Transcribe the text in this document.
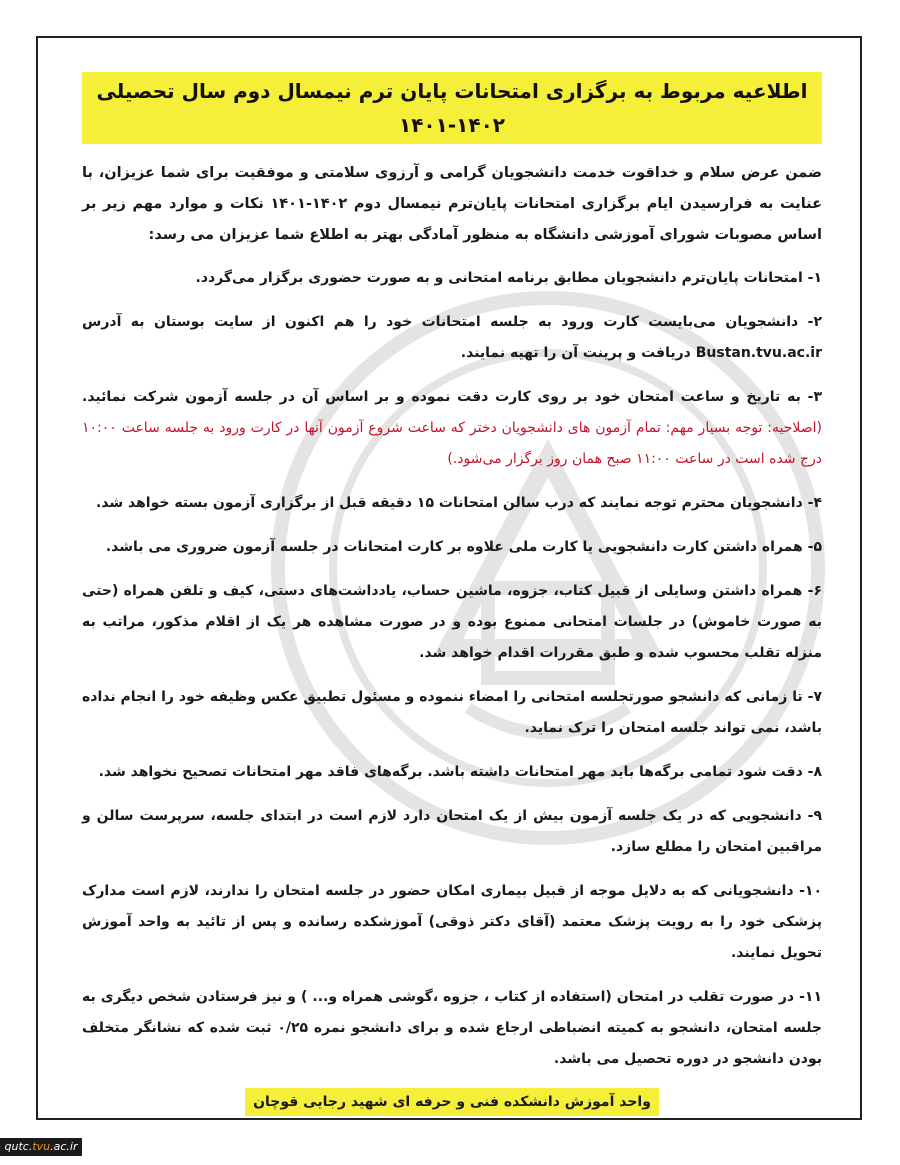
اطلاعیه مربوط به برگزاری امتحانات پایان ترم نیمسال دوم سال تحصیلی ۱۴۰۲-۱۴۰۱

ضمن عرض سلام و خداقوت خدمت دانشجویان گرامی و آرزوی سلامتی و موفقیت برای شما عزیزان، با عنایت به فرارسیدن ایام برگزاری امتحانات پایان‌ترم نیمسال دوم ۱۴۰۲-۱۴۰۱ نکات و موارد مهم زیر بر اساس مصوبات شورای آموزشی دانشگاه به منظور آمادگی بهتر به اطلاع شما عزیزان می رسد:

۱- امتحانات پایان‌ترم دانشجویان مطابق برنامه امتحانی و به صورت حضوری برگزار می‌گردد.

۲- دانشجویان می‌بایست کارت ورود به جلسه امتحانات خود را هم اکنون از سایت بوستان به آدرس Bustan.tvu.ac.ir دریافت و پرینت آن را تهیه نمایند.

۳- به تاریخ و ساعت امتحان خود بر روی کارت دقت نموده و بر اساس آن در جلسه آزمون شرکت نمائید. (اصلاحیه: توجه بسیار مهم: تمام آزمون های دانشجویان دختر که ساعت شروع آزمون آنها در کارت ورود به جلسه ساعت ۱۰:۰۰ درج شده است در ساعت ۱۱:۰۰ صبح همان روز برگزار می‌شود.)

۴- دانشجویان محترم توجه نمایند که درب سالن امتحانات ۱۵ دقیقه قبل از برگزاری آزمون بسته خواهد شد.

۵- همراه داشتن کارت دانشجویی یا کارت ملی علاوه بر کارت امتحانات در جلسه آزمون ضروری می باشد.

۶- همراه داشتن وسایلی از قبیل کتاب، جزوه، ماشین حساب، یادداشت‌های دستی، کیف و تلفن همراه (حتی به صورت خاموش) در جلسات امتحانی ممنوع بوده و در صورت مشاهده هر یک از اقلام مذکور، مراتب به منزله تقلب محسوب شده و طبق مقررات اقدام خواهد شد.

۷- تا زمانی که دانشجو صورتجلسه امتحانی را امضاء ننموده و مسئول تطبیق عکس وظیفه خود را انجام نداده باشد، نمی تواند جلسه امتحان را ترک نماید.

۸- دقت شود تمامی برگه‌ها باید مهر امتحانات داشته باشد. برگه‌های فاقد مهر امتحانات تصحیح نخواهد شد.

۹- دانشجویی که در یک جلسه آزمون بیش از یک امتحان دارد لازم است در ابتدای جلسه، سرپرست سالن و مراقبین امتحان را مطلع سازد.

۱۰- دانشجویانی که به دلایل موجه از قبیل بیماری امکان حضور در جلسه امتحان را ندارند، لازم است مدارک پزشکی خود را به رویت پزشک معتمد (آقای دکتر ذوقی) آموزشکده رسانده و پس از تائید به واحد آموزش تحویل نمایند.

۱۱- در صورت تقلب در امتحان (استفاده از کتاب ، جزوه ،گوشی همراه و... ) و نیز فرستادن شخص دیگری به جلسه امتحان، دانشجو به کمیته انضباطی ارجاع شده و برای دانشجو نمره ۰/۲۵ ثبت شده که نشانگر متخلف بودن دانشجو در دوره تحصیل می باشد.

واحد آموزش دانشکده فنی و حرفه ای شهید رجایی قوچان
qutc.tvu.ac.ir
